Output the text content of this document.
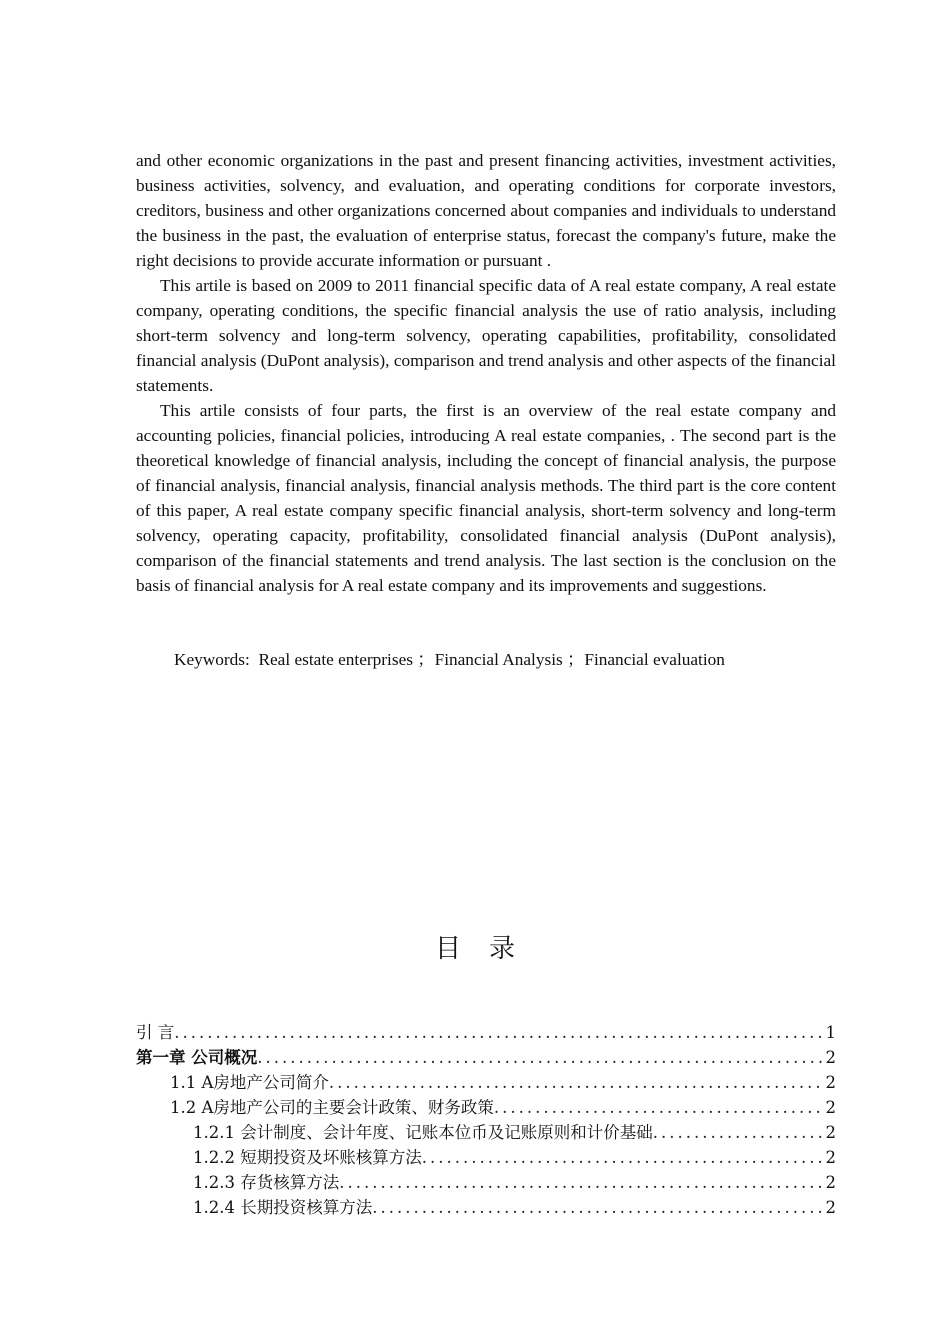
and other economic organizations in the past and present financing activities, investment activities, business activities, solvency, and evaluation, and operating conditions for corporate investors, creditors, business and other organizations concerned about companies and individuals to understand the business in the past, the evaluation of enterprise status, forecast the company's future, make the right decisions to provide accurate information or pursuant .

This artile is based on 2009 to 2011 financial specific data of A real estate company, A real estate company, operating conditions, the specific financial analysis the use of ratio analysis, including short-term solvency and long-term solvency, operating capabilities, profitability, consolidated financial analysis (DuPont analysis), comparison and trend analysis and other aspects of the financial statements.

This artile consists of four parts, the first is an overview of the real estate company and accounting policies, financial policies, introducing A real estate companies, . The second part is the theoretical knowledge of financial analysis, including the concept of financial analysis, the purpose of financial analysis, financial analysis, financial analysis methods. The third part is the core content of this paper, A real estate company specific financial analysis, short-term solvency and long-term solvency, operating capacity, profitability, consolidated financial analysis (DuPont analysis), comparison of the financial statements and trend analysis. The last section is the conclusion on the basis of financial analysis for A real estate company and its improvements and suggestions.

Keywords:  Real estate enterprises ；Financial Analysis ；Financial evaluation
目录
引 言 .....	1
第一章 公司概况 .....	2
1.1 A房地产公司简介 .....	2
1.2 A房地产公司的主要会计政策、财务政策 .....	2
1.2.1 会计制度、会计年度、记账本位币及记账原则和计价基础 .....	2
1.2.2 短期投资及坏账核算方法 .....	2
1.2.3 存货核算方法 .....	2
1.2.4 长期投资核算方法 .....	2
